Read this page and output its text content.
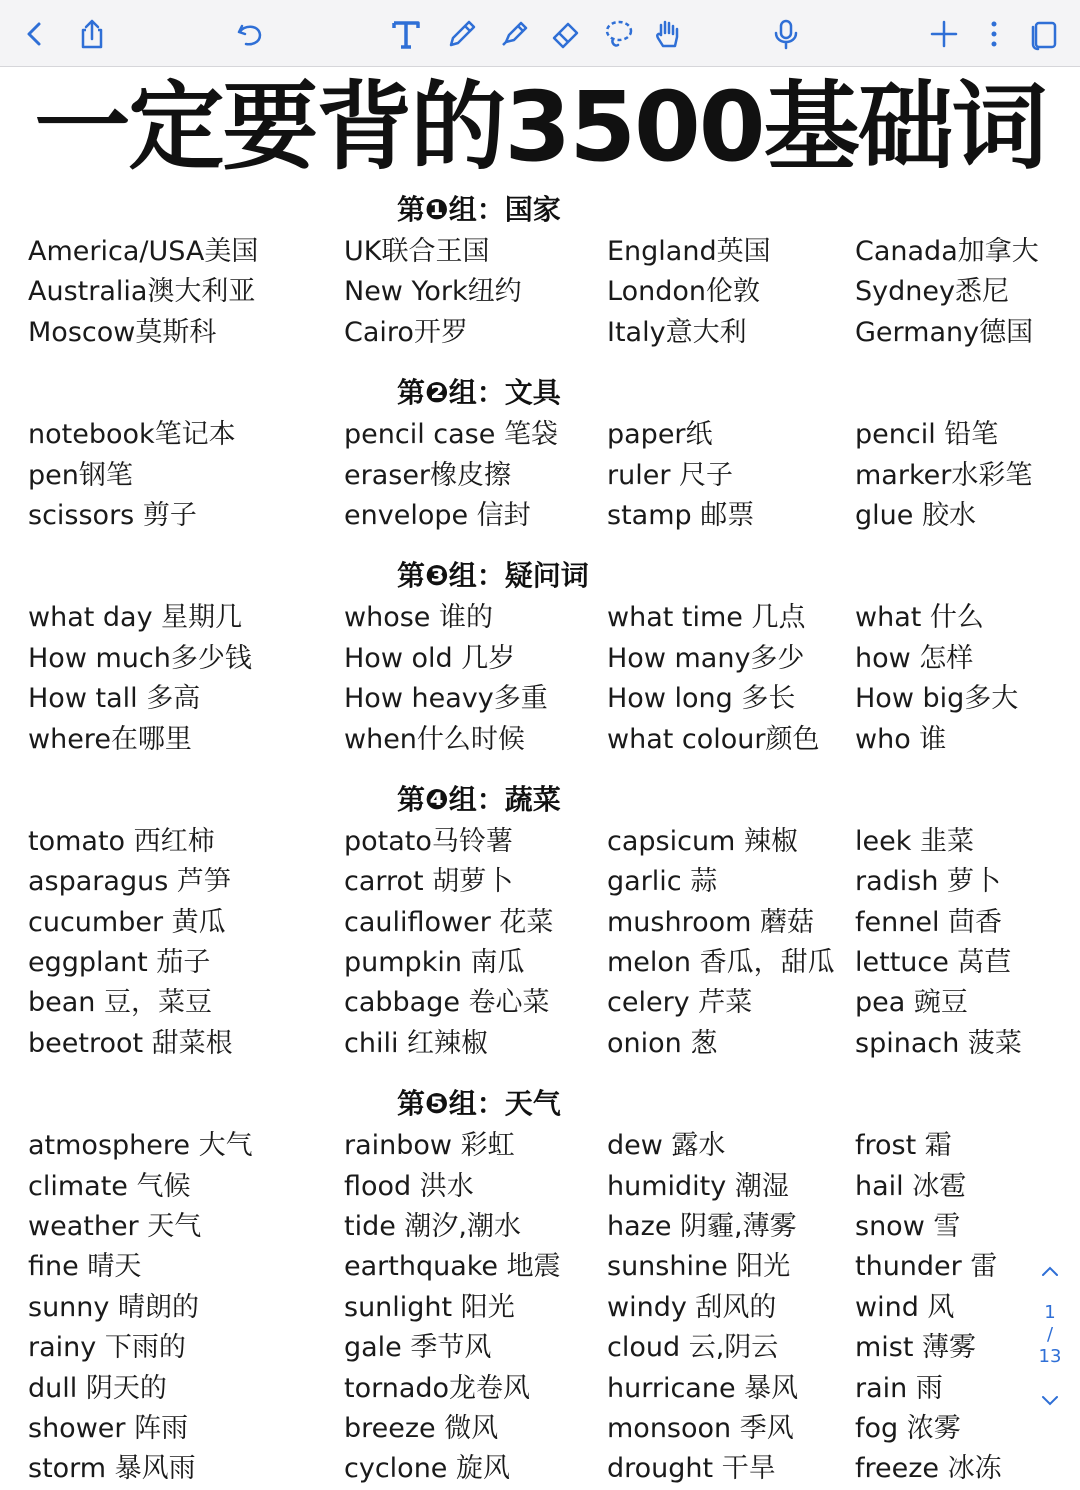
一定要背的3500基础词
第❶组：国家
America/USA美国	UK联合王国	England英国	Canada加拿大
Australia澳大利亚	New York纽约	London伦敦	Sydney悉尼
Moscow莫斯科	Cairo开罗	Italy意大利	Germany德国
第❷组：文具
notebook笔记本	pencil case 笔袋 paper纸	pencil 铅笔
pen钢笔	eraser橡皮擦	ruler 尺子	marker水彩笔
scissors 剪子	envelope 信封	stamp 邮票	glue 胶水
第❸组：疑问词
what day 星期几	whose 谁的	what time 几点 what 什么
How much多少钱	How old 几岁	How many多少 how 怎样
How tall 多高	How heavy多重 How long 多长 How big多大
where在哪里	when什么时候	what colour颜色 who 谁
第❹组：蔬菜
tomato 西红柿	potato马铃薯	capsicum 辣椒 leek 韭菜
asparagus 芦笋	carrot 胡萝卜	garlic 蒜	radish 萝卜
cucumber 黄瓜	cauliflower 花菜 mushroom 蘑菇 fennel 茴香
eggplant 茄子	pumpkin 南瓜	melon 香瓜，甜瓜 lettuce 莴苣
bean 豆，菜豆	cabbage 卷心菜 celery 芹菜	pea 豌豆
beetroot 甜菜根	chili 红辣椒	onion 葱	spinach 菠菜
第❺组：天气
atmosphere 大气	rainbow 彩虹	dew 露水	frost 霜
climate 气候	flood 洪水	humidity 潮湿 hail 冰雹
weather 天气	tide 潮汐,潮水	haze 阴霾,薄雾 snow 雪
fine 晴天	earthquake 地震 sunshine 阳光 thunder 雷
sunny 晴朗的	sunlight 阳光	windy 刮风的	wind 风
rainy 下雨的	gale 季节风	cloud 云,阴云	mist 薄雾
dull 阴天的	tornado龙卷风	hurricane 暴风 rain 雨
shower 阵雨	breeze 微风	monsoon 季风 fog 浓雾
storm 暴风雨	cyclone 旋风	drought 干旱	freeze 冰冻
1
/
13
